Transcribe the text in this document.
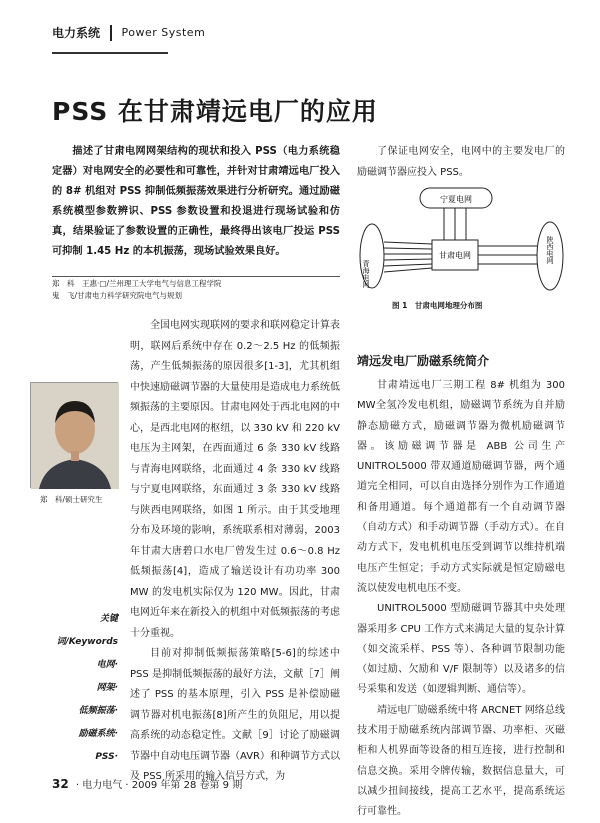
电力系统 Power System
PSS 在甘肃靖远电厂的应用
描述了甘肃电网网架结构的现状和投入 PSS（电力系统稳定器）对电网安全的必要性和可靠性，并针对甘肃靖远电厂投入的 8# 机组对 PSS 抑制低频振荡效果进行分析研究。通过励磁系统模型参数辨识、PSS 参数设置和投退进行现场试验和仿真，结果验证了参数设置的正确性，最终得出该电厂投运 PSS 可抑制 1.45 Hz 的本机振荡，现场试验效果良好。
郑　科　王惠·□/兰州理工大学电气与信息工程学院
鬼　飞/甘肃电力科学研究院电气与规划
郑　科/硕士研究生
关键词/Keywords
电网·
网架·
低频振荡·
励磁系统·
PSS·

全国电网实现联网的要求和联网稳定计算表明，联网后系统中存在 0.2～2.5 Hz 的低频振荡，产生低频振荡的原因很多[1-3]，尤其机组中快速励磁调节器的大量使用是造成电力系统低频振荡的主要原因。甘肃电网处于西北电网的中心，是西北电网的枢纽，以 330 kV 和 220 kV 电压为主网架，在西面通过 6 条 330 kV 线路与青海电网联络，北面通过 4 条 330 kV 线路与宁夏电网联络，东面通过 3 条 330 kV 线路与陕西电网联络，如图 1 所示。由于其受地理分布及环境的影响，系统联系相对薄弱，2003 年甘肃大唐碧口水电厂曾发生过 0.6～0.8 Hz低频振荡[4]，造成了输送设计有功功率 300 MW 的发电机实际仅为 120 MW。因此，甘肃电网近年来在新投入的机组中对低频振荡的考虑十分重视。

目前对抑制低频振荡策略[5-6]的综述中 PSS 是抑制低频振荡的最好方法，文献［7］阐述了 PSS 的基本原理，引入 PSS 是补偿励磁调节器对机电振荡[8]所产生的负阻尼，用以提高系统的动态稳定性。文献［9］讨论了励磁调节器中自动电压调节器（AVR）和种调节方式以及 PSS 所采用的输入信号方式，为

了保证电网安全，电网中的主要发电厂的励磁调节器应投入 PSS。

宁夏电网
甘肃电网
青海电网
陕西电网
图 1　甘肃电网地理分布图
靖远发电厂励磁系统简介

甘肃靖远电厂三期工程 8# 机组为 300 MW全氢冷发电机组，励磁调节系统为自并励静态励磁方式，励磁调节器为微机励磁调节器。该励磁调节器是 ABB 公司生产 UNITROL5000 带双通道励磁调节器，两个通道完全相同，可以自由选择分别作为工作通道和备用通道。每个通道都有一个自动调节器（自动方式）和手动调节器（手动方式）。在自动方式下，发电机机电压受到调节以维持机端电压产生恒定；手动方式实际就是恒定励磁电流以使发电机电压不变。

UNITROL5000 型励磁调节器其中央处理器采用多 CPU 工作方式来满足大量的复杂计算（如交流采样、PSS 等）、各种调节限制功能（如过励、欠励和 V/F 限制等）以及诸多的信号采集和发送（如逻辑判断、通信等）。

靖远电厂励磁系统中将 ARCNET 网络总线技术用于励磁系统内部调节器、功率柜、灭磁柜和人机界面等设备的相互连接，进行控制和信息交换。采用令牌传输，数据信息量大，可以减少扭间接线，提高工艺水平，提高系统运行可靠性。

32 · 电力电气 · 2009 年第 28 卷第 9 期
